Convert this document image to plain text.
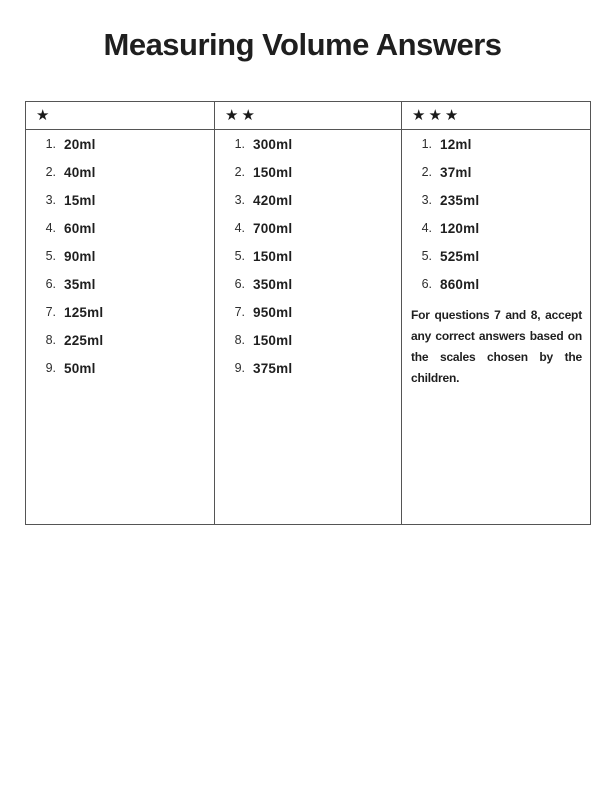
Measuring Volume Answers
★
1. 20ml
2. 40ml
3. 15ml
4. 60ml
5. 90ml
6. 35ml
7. 125ml
8. 225ml
9. 50ml
★★
1. 300ml
2. 150ml
3. 420ml
4. 700ml
5. 150ml
6. 350ml
7. 950ml
8. 150ml
9. 375ml
★★★
1. 12ml
2. 37ml
3. 235ml
4. 120ml
5. 525ml
6. 860ml

For questions 7 and 8, accept any correct answers based on the scales chosen by the children.
